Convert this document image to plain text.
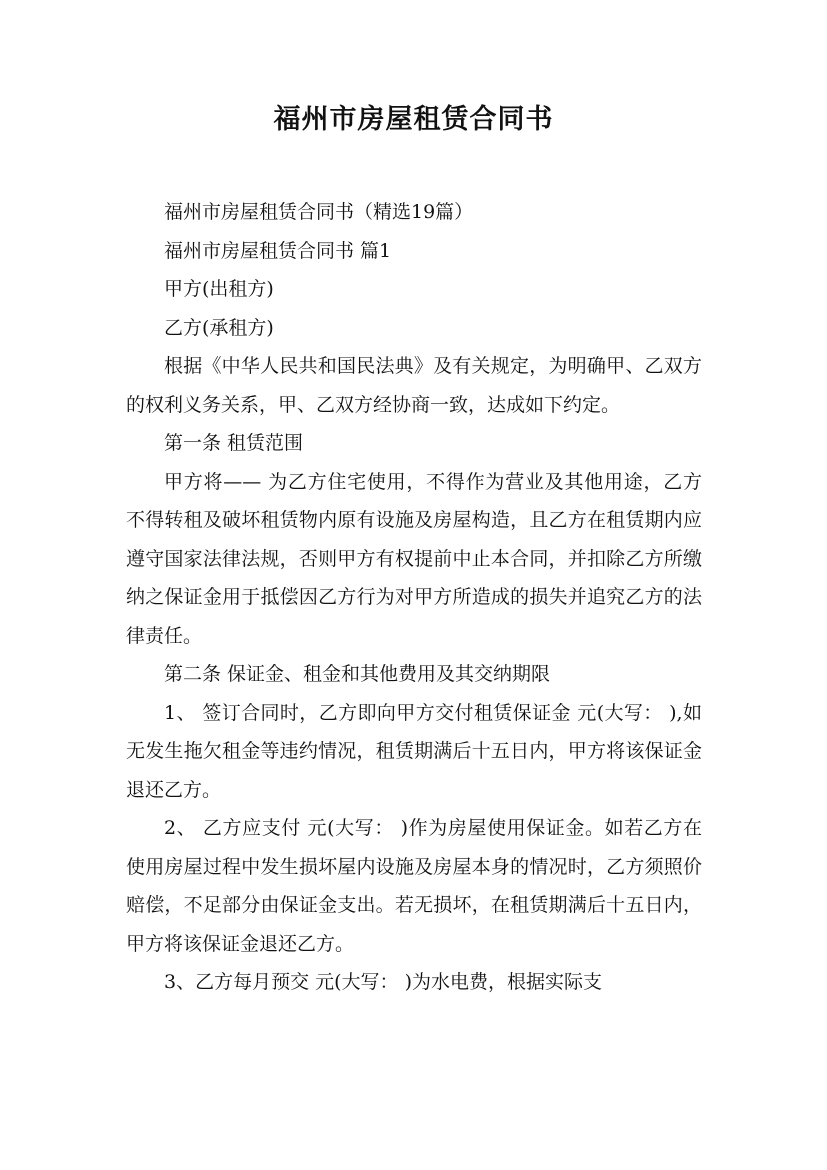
福州市房屋租赁合同书

福州市房屋租赁合同书（精选19篇）

福州市房屋租赁合同书 篇1

甲方(出租方)

乙方(承租方)

根据《中华人民共和国民法典》及有关规定，为明确甲、乙双方的权利义务关系，甲、乙双方经协商一致，达成如下约定。

第一条 租赁范围

甲方将—— 为乙方住宅使用，不得作为营业及其他用途，乙方不得转租及破坏租赁物内原有设施及房屋构造，且乙方在租赁期内应遵守国家法律法规，否则甲方有权提前中止本合同，并扣除乙方所缴纳之保证金用于抵偿因乙方行为对甲方所造成的损失并追究乙方的法律责任。

第二条 保证金、租金和其他费用及其交纳期限

1、 签订合同时，乙方即向甲方交付租赁保证金 元(大写： ),如无发生拖欠租金等违约情况，租赁期满后十五日内，甲方将该保证金退还乙方。

2、 乙方应支付 元(大写： )作为房屋使用保证金。如若乙方在使用房屋过程中发生损坏屋内设施及房屋本身的情况时，乙方须照价赔偿，不足部分由保证金支出。若无损坏，在租赁期满后十五日内，甲方将该保证金退还乙方。

3、乙方每月预交 元(大写： )为水电费，根据实际支
